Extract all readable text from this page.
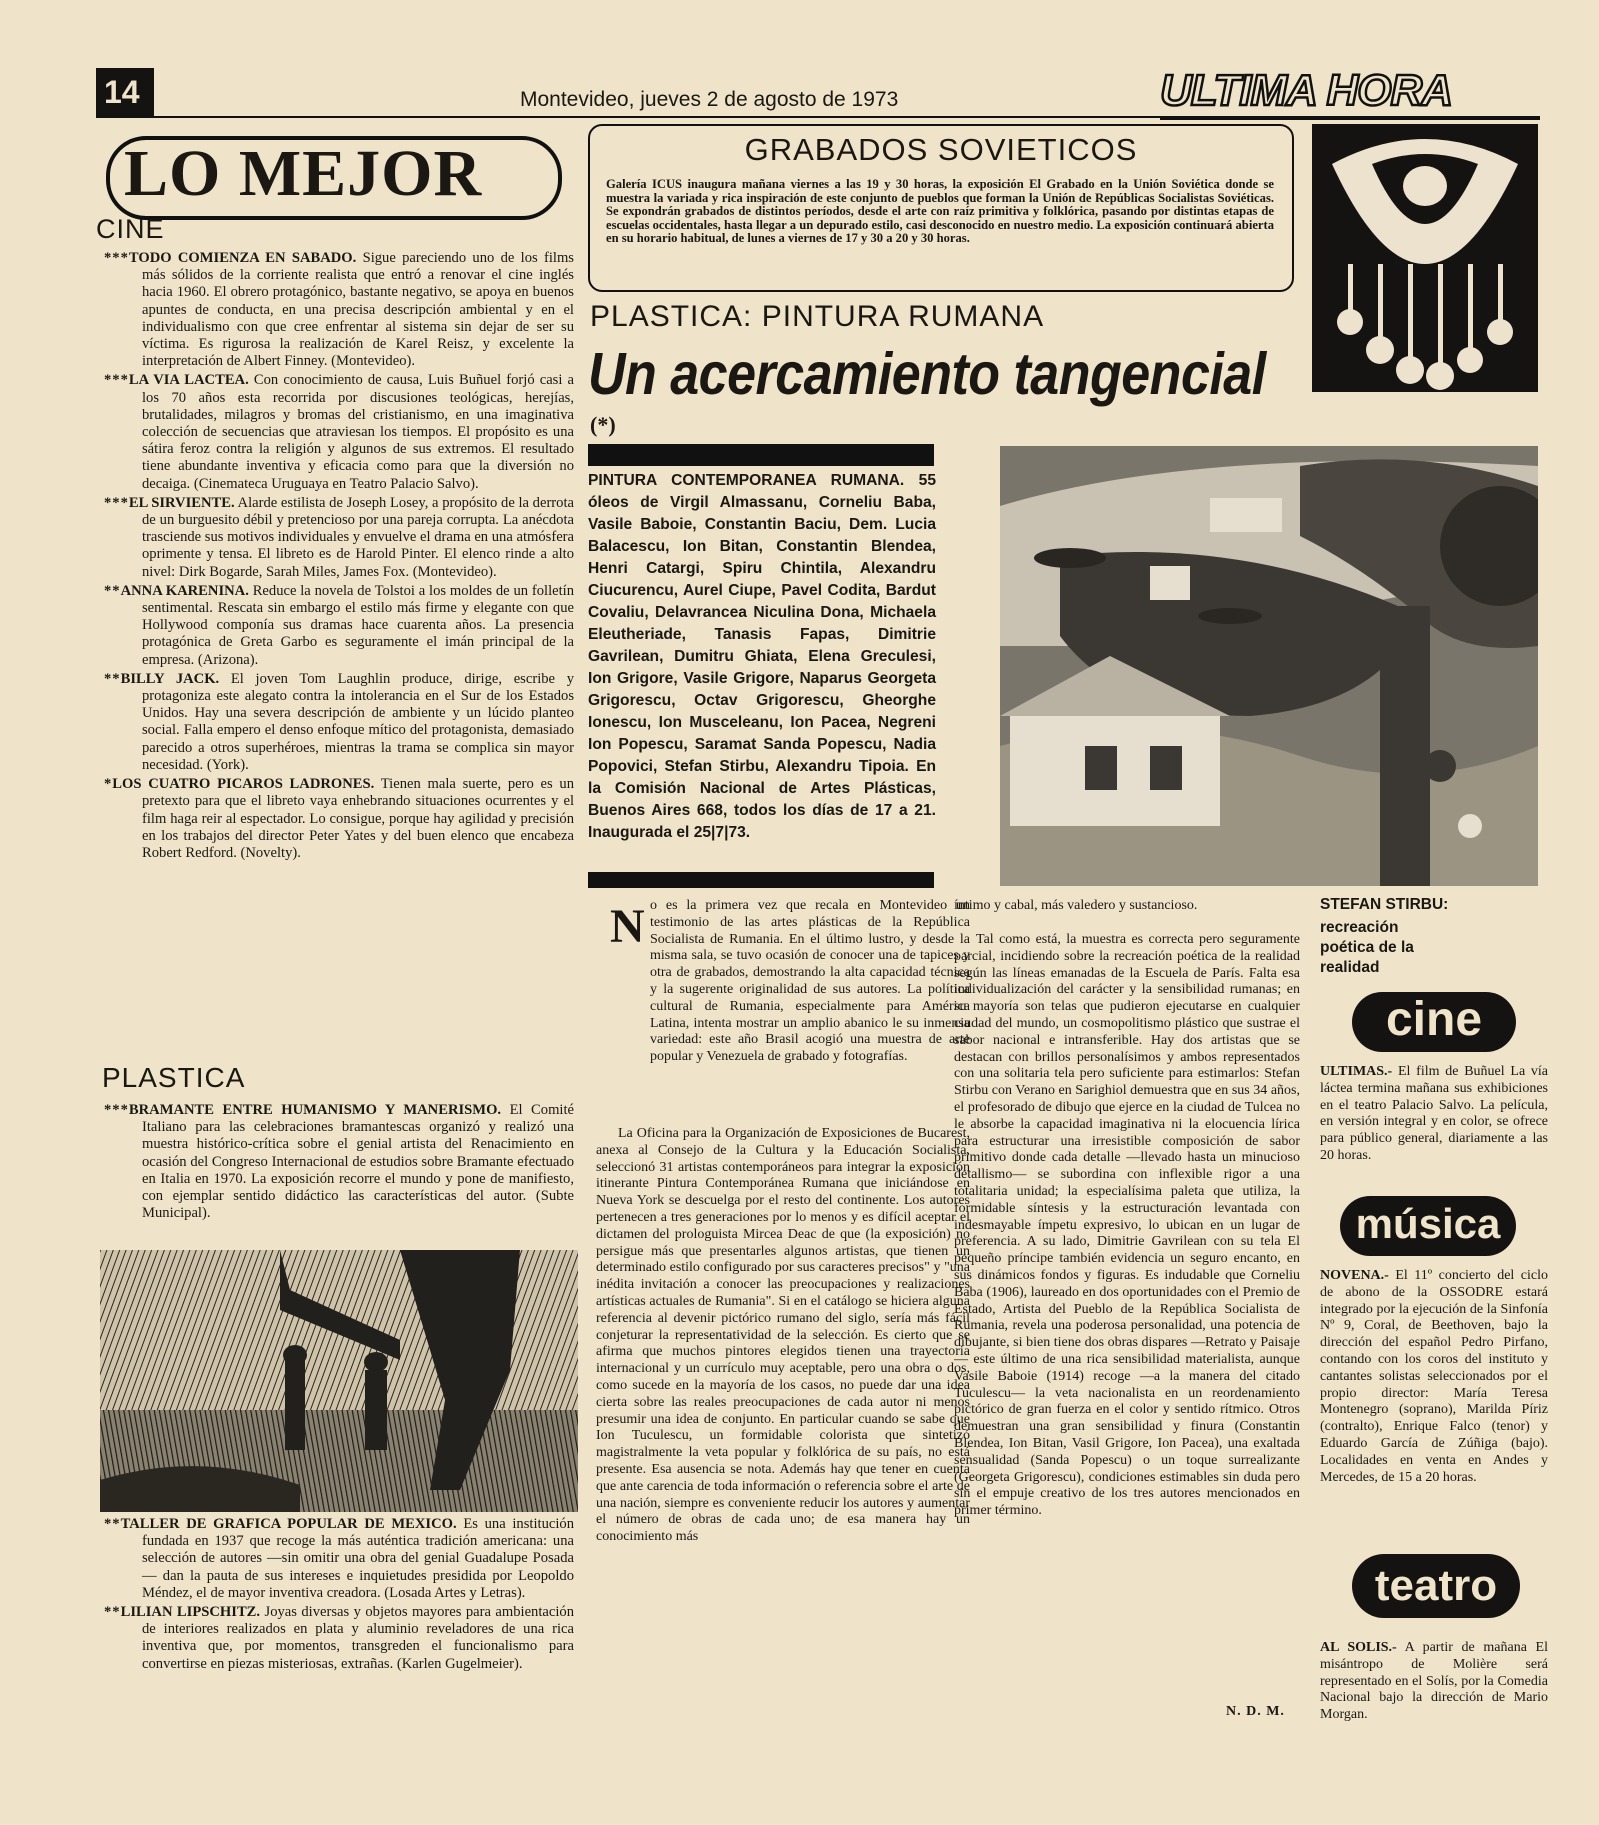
14	Montevideo, jueves 2 de agosto de 1973	ULTIMA HORA
LO MEJOR
CINE

***TODO COMIENZA EN SABADO. Sigue pareciendo uno de los films más sólidos de la corriente realista que entró a renovar el cine inglés hacia 1960. El obrero protagónico, bastante negativo, se apoya en buenos apuntes de conducta, en una precisa descripción ambiental y en el individualismo con que cree enfrentar al sistema sin dejar de ser su víctima. Es rigurosa la realización de Karel Reisz, y excelente la interpretación de Albert Finney. (Montevideo).

***LA VIA LACTEA. Con conocimiento de causa, Luis Buñuel forjó casi a los 70 años esta recorrida por discusiones teológicas, herejías, brutalidades, milagros y bromas del cristianismo, en una imaginativa colección de secuencias que atraviesan los tiempos. El propósito es una sátira feroz contra la religión y algunos de sus extremos. El resultado tiene abundante inventiva y eficacia como para que la diversión no decaiga. (Cinemateca Uruguaya en Teatro Palacio Salvo).

***EL SIRVIENTE. Alarde estilista de Joseph Losey, a propósito de la derrota de un burguesito débil y pretencioso por una pareja corrupta. La anécdota trasciende sus motivos individuales y envuelve el drama en una atmósfera oprimente y tensa. El libreto es de Harold Pinter. El elenco rinde a alto nivel: Dirk Bogarde, Sarah Miles, James Fox. (Montevideo).

**ANNA KARENINA. Reduce la novela de Tolstoi a los moldes de un folletín sentimental. Rescata sin embargo el estilo más firme y elegante con que Hollywood componía sus dramas hace cuarenta años. La presencia protagónica de Greta Garbo es seguramente el imán principal de la empresa. (Arizona).

**BILLY JACK. El joven Tom Laughlin produce, dirige, escribe y protagoniza este alegato contra la intolerancia en el Sur de los Estados Unidos. Hay una severa descripción de ambiente y un lúcido planteo social. Falla empero el denso enfoque mítico del protagonista, demasiado parecido a otros superhéroes, mientras la trama se complica sin mayor necesidad. (York).

*LOS CUATRO PICAROS LADRONES. Tienen mala suerte, pero es un pretexto para que el libreto vaya enhebrando situaciones ocurrentes y el film haga reir al espectador. Lo consigue, porque hay agilidad y precisión en los trabajos del director Peter Yates y del buen elenco que encabeza Robert Redford. (Novelty).

PLASTICA

***BRAMANTE ENTRE HUMANISMO Y MANERISMO. El Comité Italiano para las celebraciones bramantescas organizó y realizó una muestra histórico-crítica sobre el genial artista del Renacimiento en ocasión del Congreso Internacional de estudios sobre Bramante efectuado en Italia en 1970. La exposición recorre el mundo y pone de manifiesto, con ejemplar sentido didáctico las características del autor. (Subte Municipal).

**TALLER DE GRAFICA POPULAR DE MEXICO. Es una institución fundada en 1937 que recoge la más auténtica tradición americana: una selección de autores —sin omitir una obra del genial Guadalupe Posada— dan la pauta de sus intereses e inquietudes presidida por Leopoldo Méndez, el de mayor inventiva creadora. (Losada Artes y Letras).

**LILIAN LIPSCHITZ. Joyas diversas y objetos mayores para ambientación de interiores realizados en plata y aluminio reveladores de una rica inventiva que, por momentos, transgreden el funcionalismo para convertirse en piezas misteriosas, extrañas. (Karlen Gugelmeier).

GRABADOS SOVIETICOS

Galería ICUS inaugura mañana viernes a las 19 y 30 horas, la exposición El Grabado en la Unión Soviética donde se muestra la variada y rica inspiración de este conjunto de pueblos que forman la Unión de Repúblicas Socialistas Soviéticas. Se expondrán grabados de distintos períodos, desde el arte con raíz primitiva y folklórica, pasando por distintas etapas de escuelas occidentales, hasta llegar a un depurado estilo, casi desconocido en nuestro medio. La exposición continuará abierta en su horario habitual, de lunes a viernes de 17 y 30 a 20 y 30 horas.

PLASTICA: PINTURA RUMANA
Un acercamiento tangencial
(*)

PINTURA CONTEMPORANEA RUMANA. 55 óleos de Virgil Almassanu, Corneliu Baba, Vasile Baboie, Constantin Baciu, Dem. Lucia Balacescu, Ion Bitan, Constantin Blendea, Henri Catargi, Spiru Chintila, Alexandru Ciucurencu, Aurel Ciupe, Pavel Codita, Bardut Covaliu, Delavrancea Niculina Dona, Michaela Eleutheriade, Tanasis Fapas, Dimitrie Gavrilean, Dumitru Ghiata, Elena Greculesi, Ion Grigore, Vasile Grigore, Naparus Georgeta Grigorescu, Octav Grigorescu, Gheorghe Ionescu, Ion Musceleanu, Ion Pacea, Negreni Ion Popescu, Saramat Sanda Popescu, Nadia Popovici, Stefan Stirbu, Alexandru Tipoia. En la Comisión Nacional de Artes Plásticas, Buenos Aires 668, todos los días de 17 a 21. Inaugurada el 25|7|73.

N o es la primera vez que recala en Montevideo un testimonio de las artes plásticas de la República Socialista de Rumania. En el último lustro, y desde la misma sala, se tuvo ocasión de conocer una de tapices y otra de grabados, demostrando la alta capacidad técnica y la sugerente originalidad de sus autores. La política cultural de Rumania, especialmente para América Latina, intenta mostrar un amplio abanico le su inmensa variedad: este año Brasil acogió una muestra de arte popular y Venezuela de grabado y fotografías.

La Oficina para la Organización de Exposiciones de Bucarest, anexa al Consejo de la Cultura y la Educación Socialista, seleccionó 31 artistas contemporáneos para integrar la exposición itinerante Pintura Contemporánea Rumana que iniciándose en Nueva York se descuelga por el resto del continente. Los autores pertenecen a tres generaciones por lo menos y es difícil aceptar el dictamen del prologuista Mircea Deac de que (la exposición) no persigue más que presentarles algunos artistas, que tienen un determinado estilo configurado por sus caracteres precisos" y "una inédita invitación a conocer las preocupaciones y realizaciones artísticas actuales de Rumania". Si en el catálogo se hiciera alguna referencia al devenir pictórico rumano del siglo, sería más fácil conjeturar la representatividad de la selección. Es cierto que se afirma que muchos pintores elegidos tienen una trayectoria internacional y un currículo muy aceptable, pero una obra o dos, como sucede en la mayoría de los casos, no puede dar una idea cierta sobre las reales preocupaciones de cada autor ni menos presumir una idea de conjunto. En particular cuando se sabe que Ion Tuculescu, un formidable colorista que sintetizó magistralmente la veta popular y folklórica de su país, no está presente. Esa ausencia se nota. Además hay que tener en cuenta que ante carencia de toda información o referencia sobre el arte de una nación, siempre es conveniente reducir los autores y aumentar el número de obras de cada uno; de esa manera hay un conocimiento más

íntimo y cabal, más valedero y sustancioso.

Tal como está, la muestra es correcta pero seguramente parcial, incidiendo sobre la recreación poética de la realidad según las líneas emanadas de la Escuela de París. Falta esa individualización del carácter y la sensibilidad rumanas; en su mayoría son telas que pudieron ejecutarse en cualquier ciudad del mundo, un cosmopolitismo plástico que sustrae el sabor nacional e intransferible. Hay dos artistas que se destacan con brillos personalísimos y ambos representados con una solitaria tela pero suficiente para estimarlos: Stefan Stirbu con Verano en Sarighiol demuestra que en sus 34 años, el profesorado de dibujo que ejerce en la ciudad de Tulcea no le absorbe la capacidad imaginativa ni la elocuencia lírica para estructurar una irresistible composición de sabor primitivo donde cada detalle —llevado hasta un minucioso detallismo— se subordina con inflexible rigor a una totalitaria unidad; la especialísima paleta que utiliza, la formidable síntesis y la estructuración levantada con indesmayable ímpetu expresivo, lo ubican en un lugar de preferencia. A su lado, Dimitrie Gavrilean con su tela El pequeño príncipe también evidencia un seguro encanto, en sus dinámicos fondos y figuras. Es indudable que Corneliu Baba (1906), laureado en dos oportunidades con el Premio de Estado, Artista del Pueblo de la República Socialista de Rumania, revela una poderosa personalidad, una potencia de dibujante, si bien tiene dos obras dispares —Retrato y Paisaje— este último de una rica sensibilidad materialista, aunque Vasile Baboie (1914) recoge —a la manera del citado Tuculescu— la veta nacionalista en un reordenamiento pictórico de gran fuerza en el color y sentido rítmico. Otros demuestran una gran sensibilidad y finura (Constantin Blendea, Ion Bitan, Vasil Grigore, Ion Pacea), una exaltada sensualidad (Sanda Popescu) o un toque surrealizante (Georgeta Grigorescu), condiciones estimables sin duda pero sin el empuje creativo de los tres autores mencionados en primer término.

N. D. M.
STEFAN STIRBU:
recreación poética de la realidad
cine

ULTIMAS.- El film de Buñuel La vía láctea termina mañana sus exhibiciones en el teatro Palacio Salvo. La película, en versión integral y en color, se ofrece para público general, diariamente a las 20 horas.

música

NOVENA.- El 11º concierto del ciclo de abono de la OSSODRE estará integrado por la ejecución de la Sinfonía Nº 9, Coral, de Beethoven, bajo la dirección del español Pedro Pirfano, contando con los coros del instituto y cantantes solistas seleccionados por el propio director: María Teresa Montenegro (soprano), Marilda Píriz (contralto), Enrique Falco (tenor) y Eduardo García de Zúñiga (bajo). Localidades en venta en Andes y Mercedes, de 15 a 20 horas.

teatro

AL SOLIS.- A partir de mañana El misántropo de Molière será representado en el Solís, por la Comedia Nacional bajo la dirección de Mario Morgan.
